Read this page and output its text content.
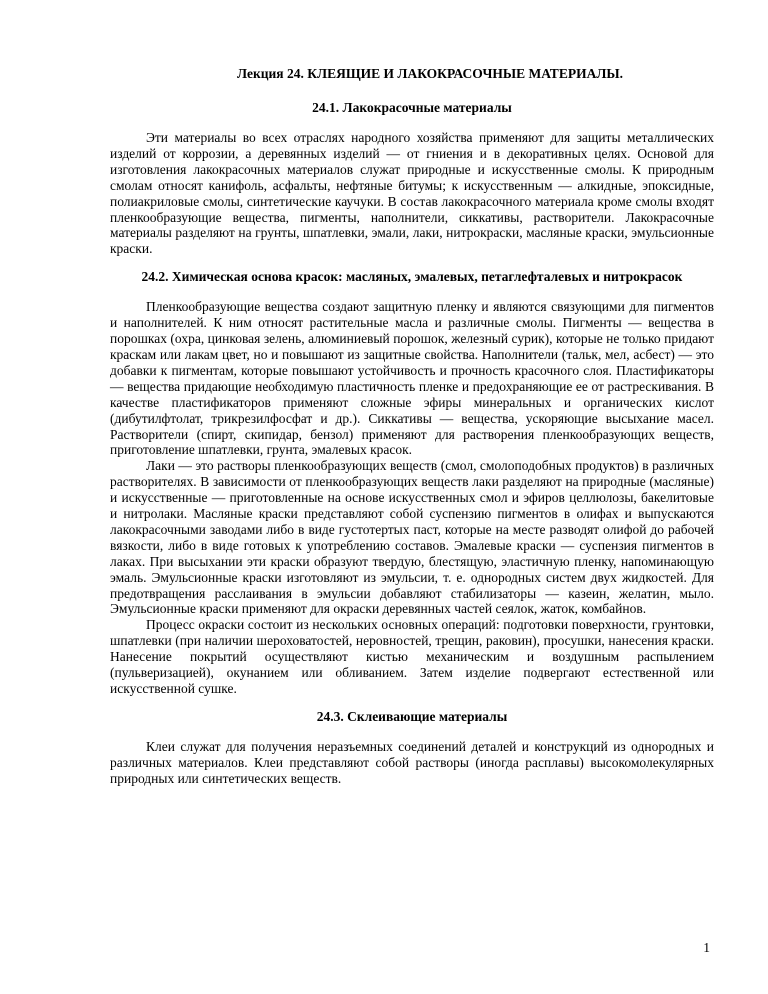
Лекция 24. КЛЕЯЩИЕ И ЛАКОКРАСОЧНЫЕ МАТЕРИАЛЫ.
24.1. Лакокрасочные материалы

Эти материалы во всех отраслях народного хозяйства применяют для защиты металлических изделий от коррозии, а деревянных изделий — от гниения и в декоративных целях. Основой для изготовления лакокрасочных материалов служат природные и искусственные смолы. К природным смолам относят канифоль, асфальты, нефтяные битумы; к искусственным — алкидные, эпоксидные, полиакриловые смолы, синтетические каучуки. В состав лакокрасочного материала кроме смолы входят пленкообразующие вещества, пигменты, наполнители, сиккативы, растворители. Лакокрасочные материалы разделяют на грунты, шпатлевки, эмали, лаки, нитрокраски, масляные краски, эмульсионные краски.

24.2. Химическая основа красок: масляных, эмалевых, петаглефталевых и нитрокрасок

Пленкообразующие вещества создают защитную пленку и являются связующими для пигментов и наполнителей. К ним относят растительные масла и различные смолы. Пигменты — вещества в порошках (охра, цинковая зелень, алюминиевый порошок, железный сурик), которые не только придают краскам или лакам цвет, но и повышают из защитные свойства. Наполнители (тальк, мел, асбест) — это добавки к пигментам, которые повышают устойчивость и прочность красочного слоя. Пластификаторы — вещества придающие необходимую пластичность пленке и предохраняющие ее от растрескивания. В качестве пластификаторов применяют сложные эфиры минеральных и органических кислот (дибутилфтолат, трикрезилфосфат и др.). Сиккативы — вещества, ускоряющие высыхание масел. Растворители (спирт, скипидар, бензол) применяют для растворения пленкообразующих веществ, приготовление шпатлевки, грунта, эмалевых красок.

Лаки — это растворы пленкообразующих веществ (смол, смолоподобных продуктов) в различных растворителях. В зависимости от пленкообразующих веществ лаки разделяют на природные (масляные) и искусственные — приготовленные на основе искусственных смол и эфиров целлюлозы, бакелитовые и нитролаки. Масляные краски представляют собой суспензию пигментов в олифах и выпускаются лакокрасочными заводами либо в виде густотертых паст, которые на месте разводят олифой до рабочей вязкости, либо в виде готовых к употреблению составов. Эмалевые краски — суспензия пигментов в лаках. При высыхании эти краски образуют твердую, блестящую, эластичную пленку, напоминающую эмаль. Эмульсионные краски изготовляют из эмульсии, т. е. однородных систем двух жидкостей. Для предотвращения расслаивания в эмульсии добавляют стабилизаторы — казеин, желатин, мыло. Эмульсионные краски применяют для окраски деревянных частей сеялок, жаток, комбайнов.

Процесс окраски состоит из нескольких основных операций: подготовки поверхности, грунтовки, шпатлевки (при наличии шероховатостей, неровностей, трещин, раковин), просушки, нанесения краски. Нанесение покрытий осуществляют кистью механическим и воздушным распылением (пульверизацией), окунанием или обливанием. Затем изделие подвергают естественной или искусственной сушке.

24.3. Склеивающие материалы

Клеи служат для получения неразъемных соединений деталей и конструкций из однородных и различных материалов. Клеи представляют собой растворы (иногда расплавы) высокомолекулярных природных или синтетических веществ.

1
